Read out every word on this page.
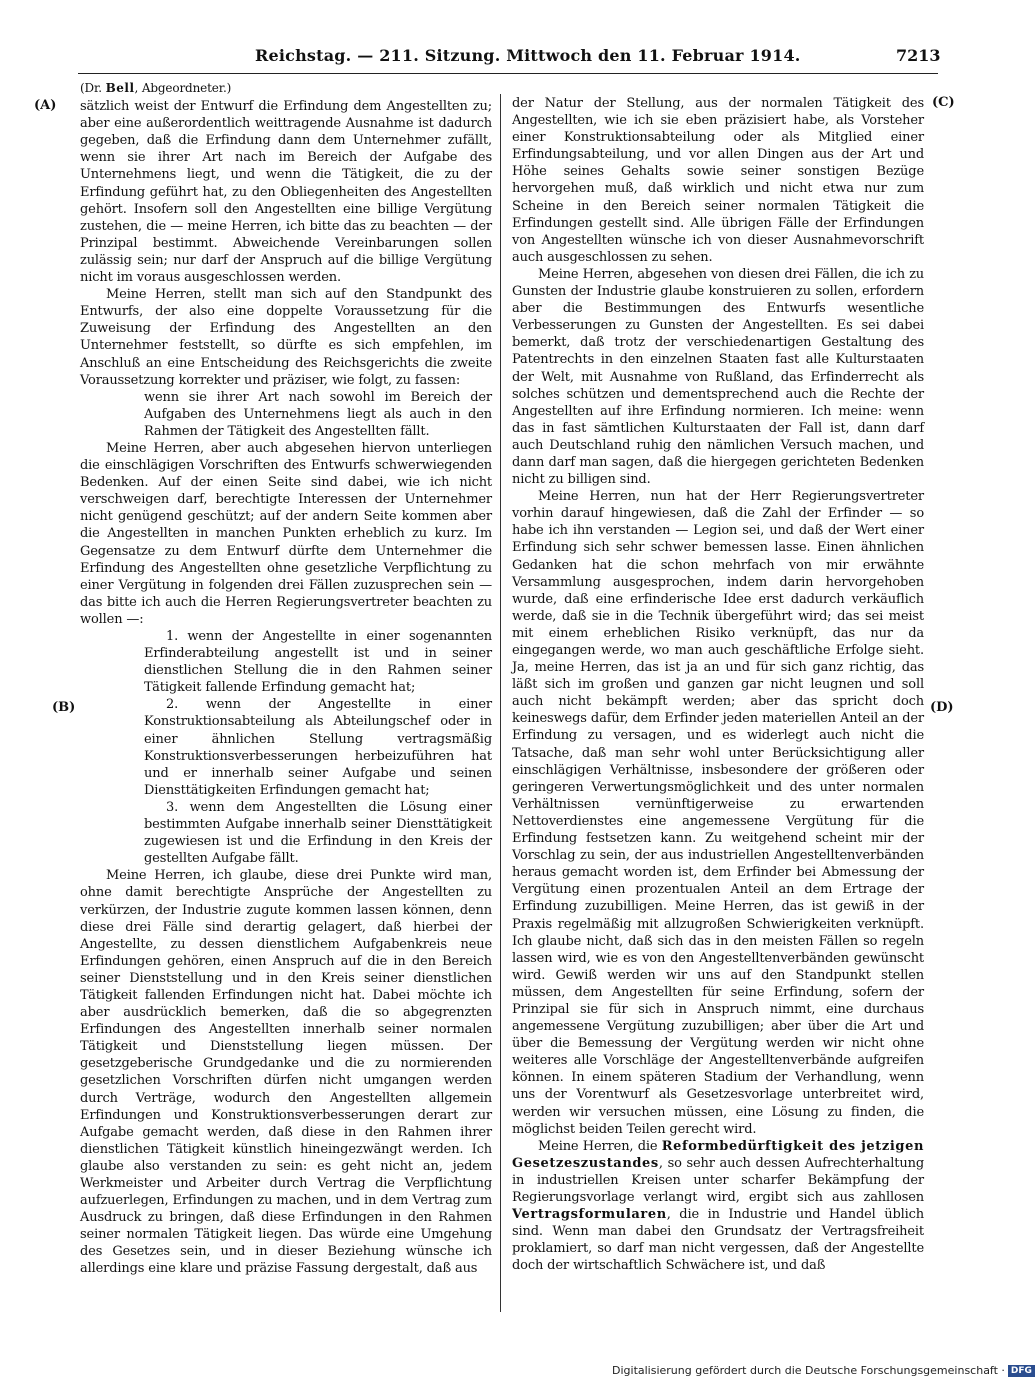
Reichstag. — 211. Sitzung. Mittwoch den 11. Februar 1914.	7213
(A)
(B)
(C)
(D)
(Dr. Bell, Abgeordneter.)

sätzlich weist der Entwurf die Erfindung dem Angestellten zu; aber eine außerordentlich weittragende Ausnahme ist dadurch gegeben, daß die Erfindung dann dem Unternehmer zufällt, wenn sie ihrer Art nach im Bereich der Aufgabe des Unternehmens liegt, und wenn die Tätigkeit, die zu der Erfindung geführt hat, zu den Obliegenheiten des Angestellten gehört. Insofern soll den Angestellten eine billige Vergütung zustehen, die — meine Herren, ich bitte das zu beachten — der Prinzipal bestimmt. Abweichende Vereinbarungen sollen zulässig sein; nur darf der Anspruch auf die billige Vergütung nicht im voraus ausgeschlossen werden.

Meine Herren, stellt man sich auf den Standpunkt des Entwurfs, der also eine doppelte Voraussetzung für die Zuweisung der Erfindung des Angestellten an den Unternehmer feststellt, so dürfte es sich empfehlen, im Anschluß an eine Entscheidung des Reichsgerichts die zweite Voraussetzung korrekter und präziser, wie folgt, zu fassen:

wenn sie ihrer Art nach sowohl im Bereich der Aufgaben des Unternehmens liegt als auch in den Rahmen der Tätigkeit des Angestellten fällt.

Meine Herren, aber auch abgesehen hiervon unterliegen die einschlägigen Vorschriften des Entwurfs schwerwiegenden Bedenken. Auf der einen Seite sind dabei, wie ich nicht verschweigen darf, berechtigte Interessen der Unternehmer nicht genügend geschützt; auf der andern Seite kommen aber die Angestellten in manchen Punkten erheblich zu kurz. Im Gegensatze zu dem Entwurf dürfte dem Unternehmer die Erfindung des Angestellten ohne gesetzliche Verpflichtung zu einer Vergütung in folgenden drei Fällen zuzusprechen sein — das bitte ich auch die Herren Regierungsvertreter beachten zu wollen —:

1. wenn der Angestellte in einer sogenannten Erfinderabteilung angestellt ist und in seiner dienstlichen Stellung die in den Rahmen seiner Tätigkeit fallende Erfindung gemacht hat;

2. wenn der Angestellte in einer Konstruktionsabteilung als Abteilungschef oder in einer ähnlichen Stellung vertragsmäßig Konstruktionsverbesserungen herbeizuführen hat und er innerhalb seiner Aufgabe und seinen Diensttätigkeiten Erfindungen gemacht hat;

3. wenn dem Angestellten die Lösung einer bestimmten Aufgabe innerhalb seiner Diensttätigkeit zugewiesen ist und die Erfindung in den Kreis der gestellten Aufgabe fällt.

Meine Herren, ich glaube, diese drei Punkte wird man, ohne damit berechtigte Ansprüche der Angestellten zu verkürzen, der Industrie zugute kommen lassen können, denn diese drei Fälle sind derartig gelagert, daß hierbei der Angestellte, zu dessen dienstlichem Aufgabenkreis neue Erfindungen gehören, einen Anspruch auf die in den Bereich seiner Dienststellung und in den Kreis seiner dienstlichen Tätigkeit fallenden Erfindungen nicht hat. Dabei möchte ich aber ausdrücklich bemerken, daß die so abgegrenzten Erfindungen des Angestellten innerhalb seiner normalen Tätigkeit und Dienststellung liegen müssen. Der gesetzgeberische Grundgedanke und die zu normierenden gesetzlichen Vorschriften dürfen nicht umgangen werden durch Verträge, wodurch den Angestellten allgemein Erfindungen und Konstruktionsverbesserungen derart zur Aufgabe gemacht werden, daß diese in den Rahmen ihrer dienstlichen Tätigkeit künstlich hineingezwängt werden. Ich glaube also verstanden zu sein: es geht nicht an, jedem Werkmeister und Arbeiter durch Vertrag die Verpflichtung aufzuerlegen, Erfindungen zu machen, und in dem Vertrag zum Ausdruck zu bringen, daß diese Erfindungen in den Rahmen seiner normalen Tätigkeit liegen. Das würde eine Umgehung des Gesetzes sein, und in dieser Beziehung wünsche ich allerdings eine klare und präzise Fassung dergestalt, daß aus

der Natur der Stellung, aus der normalen Tätigkeit des Angestellten, wie ich sie eben präzisiert habe, als Vorsteher einer Konstruktionsabteilung oder als Mitglied einer Erfindungsabteilung, und vor allen Dingen aus der Art und Höhe seines Gehalts sowie seiner sonstigen Bezüge hervorgehen muß, daß wirklich und nicht etwa nur zum Scheine in den Bereich seiner normalen Tätigkeit die Erfindungen gestellt sind. Alle übrigen Fälle der Erfindungen von Angestellten wünsche ich von dieser Ausnahmevorschrift auch ausgeschlossen zu sehen.

Meine Herren, abgesehen von diesen drei Fällen, die ich zu Gunsten der Industrie glaube konstruieren zu sollen, erfordern aber die Bestimmungen des Entwurfs wesentliche Verbesserungen zu Gunsten der Angestellten. Es sei dabei bemerkt, daß trotz der verschiedenartigen Gestaltung des Patentrechts in den einzelnen Staaten fast alle Kulturstaaten der Welt, mit Ausnahme von Rußland, das Erfinderrecht als solches schützen und dementsprechend auch die Rechte der Angestellten auf ihre Erfindung normieren. Ich meine: wenn das in fast sämtlichen Kulturstaaten der Fall ist, dann darf auch Deutschland ruhig den nämlichen Versuch machen, und dann darf man sagen, daß die hiergegen gerichteten Bedenken nicht zu billigen sind.

Meine Herren, nun hat der Herr Regierungsvertreter vorhin darauf hingewiesen, daß die Zahl der Erfinder — so habe ich ihn verstanden — Legion sei, und daß der Wert einer Erfindung sich sehr schwer bemessen lasse. Einen ähnlichen Gedanken hat die schon mehrfach von mir erwähnte Versammlung ausgesprochen, indem darin hervorgehoben wurde, daß eine erfinderische Idee erst dadurch verkäuflich werde, daß sie in die Technik übergeführt wird; das sei meist mit einem erheblichen Risiko verknüpft, das nur da eingegangen werde, wo man auch geschäftliche Erfolge sieht. Ja, meine Herren, das ist ja an und für sich ganz richtig, das läßt sich im großen und ganzen gar nicht leugnen und soll auch nicht bekämpft werden; aber das spricht doch keineswegs dafür, dem Erfinder jeden materiellen Anteil an der Erfindung zu versagen, und es widerlegt auch nicht die Tatsache, daß man sehr wohl unter Berücksichtigung aller einschlägigen Verhältnisse, insbesondere der größeren oder geringeren Verwertungsmöglichkeit und des unter normalen Verhältnissen vernünftigerweise zu erwartenden Nettoverdienstes eine angemessene Vergütung für die Erfindung festsetzen kann. Zu weitgehend scheint mir der Vorschlag zu sein, der aus industriellen Angestelltenverbänden heraus gemacht worden ist, dem Erfinder bei Abmessung der Vergütung einen prozentualen Anteil an dem Ertrage der Erfindung zuzubilligen. Meine Herren, das ist gewiß in der Praxis regelmäßig mit allzugroßen Schwierigkeiten verknüpft. Ich glaube nicht, daß sich das in den meisten Fällen so regeln lassen wird, wie es von den Angestelltenverbänden gewünscht wird. Gewiß werden wir uns auf den Standpunkt stellen müssen, dem Angestellten für seine Erfindung, sofern der Prinzipal sie für sich in Anspruch nimmt, eine durchaus angemessene Vergütung zuzubilligen; aber über die Art und über die Bemessung der Vergütung werden wir nicht ohne weiteres alle Vorschläge der Angestelltenverbände aufgreifen können. In einem späteren Stadium der Verhandlung, wenn uns der Vorentwurf als Gesetzesvorlage unterbreitet wird, werden wir versuchen müssen, eine Lösung zu finden, die möglichst beiden Teilen gerecht wird.

Meine Herren, die Reformbedürftigkeit des jetzigen Gesetzeszustandes, so sehr auch dessen Aufrechterhaltung in industriellen Kreisen unter scharfer Bekämpfung der Regierungsvorlage verlangt wird, ergibt sich aus zahllosen Vertragsformularen, die in Industrie und Handel üblich sind. Wenn man dabei den Grundsatz der Vertragsfreiheit proklamiert, so darf man nicht vergessen, daß der Angestellte doch der wirtschaftlich Schwächere ist, und daß

Digitalisierung gefördert durch die Deutsche Forschungsgemeinschaft · DFG
